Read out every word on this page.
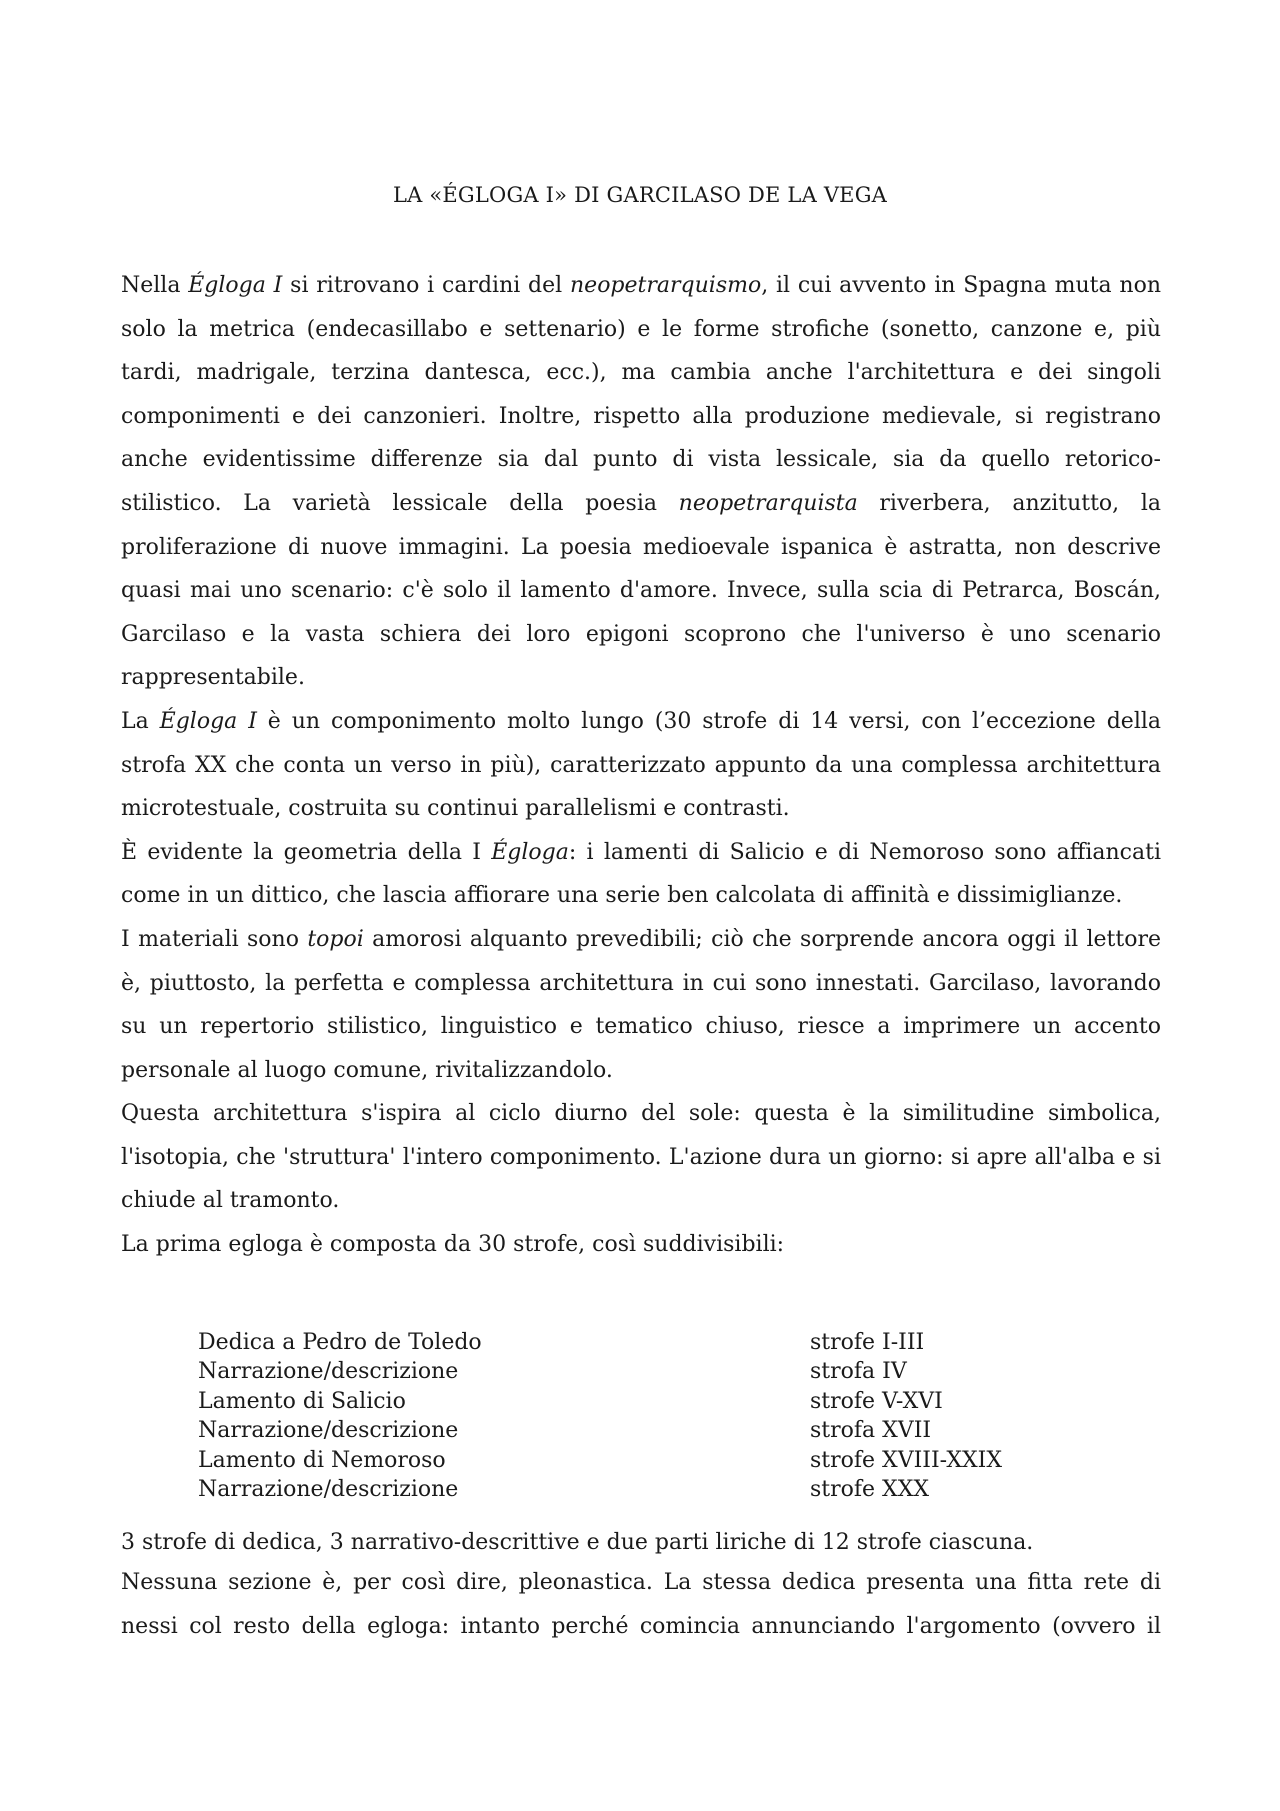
LA «ÉGLOGA I» DI GARCILASO DE LA VEGA

Nella Égloga I si ritrovano i cardini del neopetrarquismo, il cui avvento in Spagna muta non solo la metrica (endecasillabo e settenario) e le forme strofiche (sonetto, canzone e, più tardi, madrigale, terzina dantesca, ecc.), ma cambia anche l'architettura e dei singoli componimenti e dei canzonieri. Inoltre, rispetto alla produzione medievale, si registrano anche evidentissime differenze sia dal punto di vista lessicale, sia da quello retorico-stilistico. La varietà lessicale della poesia neopetrarquista riverbera, anzitutto, la proliferazione di nuove immagini. La poesia medioevale ispanica è astratta, non descrive quasi mai uno scenario: c'è solo il lamento d'amore. Invece, sulla scia di Petrarca, Boscán, Garcilaso e la vasta schiera dei loro epigoni scoprono che l'universo è uno scenario rappresentabile.

La Égloga I è un componimento molto lungo (30 strofe di 14 versi, con l’eccezione della strofa XX che conta un verso in più), caratterizzato appunto da una complessa architettura microtestuale, costruita su continui parallelismi e contrasti.

È evidente la geometria della I Égloga: i lamenti di Salicio e di Nemoroso sono affiancati come in un dittico, che lascia affiorare una serie ben calcolata di affinità e dissimiglianze.

I materiali sono topoi amorosi alquanto prevedibili; ciò che sorprende ancora oggi il lettore è, piuttosto, la perfetta e complessa architettura in cui sono innestati. Garcilaso, lavorando su un repertorio stilistico, linguistico e tematico chiuso, riesce a imprimere un accento personale al luogo comune, rivitalizzandolo.

Questa architettura s'ispira al ciclo diurno del sole: questa è la similitudine simbolica, l'isotopia, che 'struttura' l'intero componimento. L'azione dura un giorno: si apre all'alba e si chiude al tramonto.

La prima egloga è composta da 30 strofe, così suddivisibili:

Dedica a Pedro de Toledo	strofe I-III
Narrazione/descrizione	strofa IV
Lamento di Salicio	strofe V-XVI
Narrazione/descrizione	strofa XVII
Lamento di Nemoroso	strofe XVIII-XXIX
Narrazione/descrizione	strofe XXX

3 strofe di dedica, 3 narrativo-descrittive e due parti liriche di 12 strofe ciascuna.

Nessuna sezione è, per così dire, pleonastica. La stessa dedica presenta una fitta rete di nessi col resto della egloga: intanto perché comincia annunciando l'argomento (ovvero il
